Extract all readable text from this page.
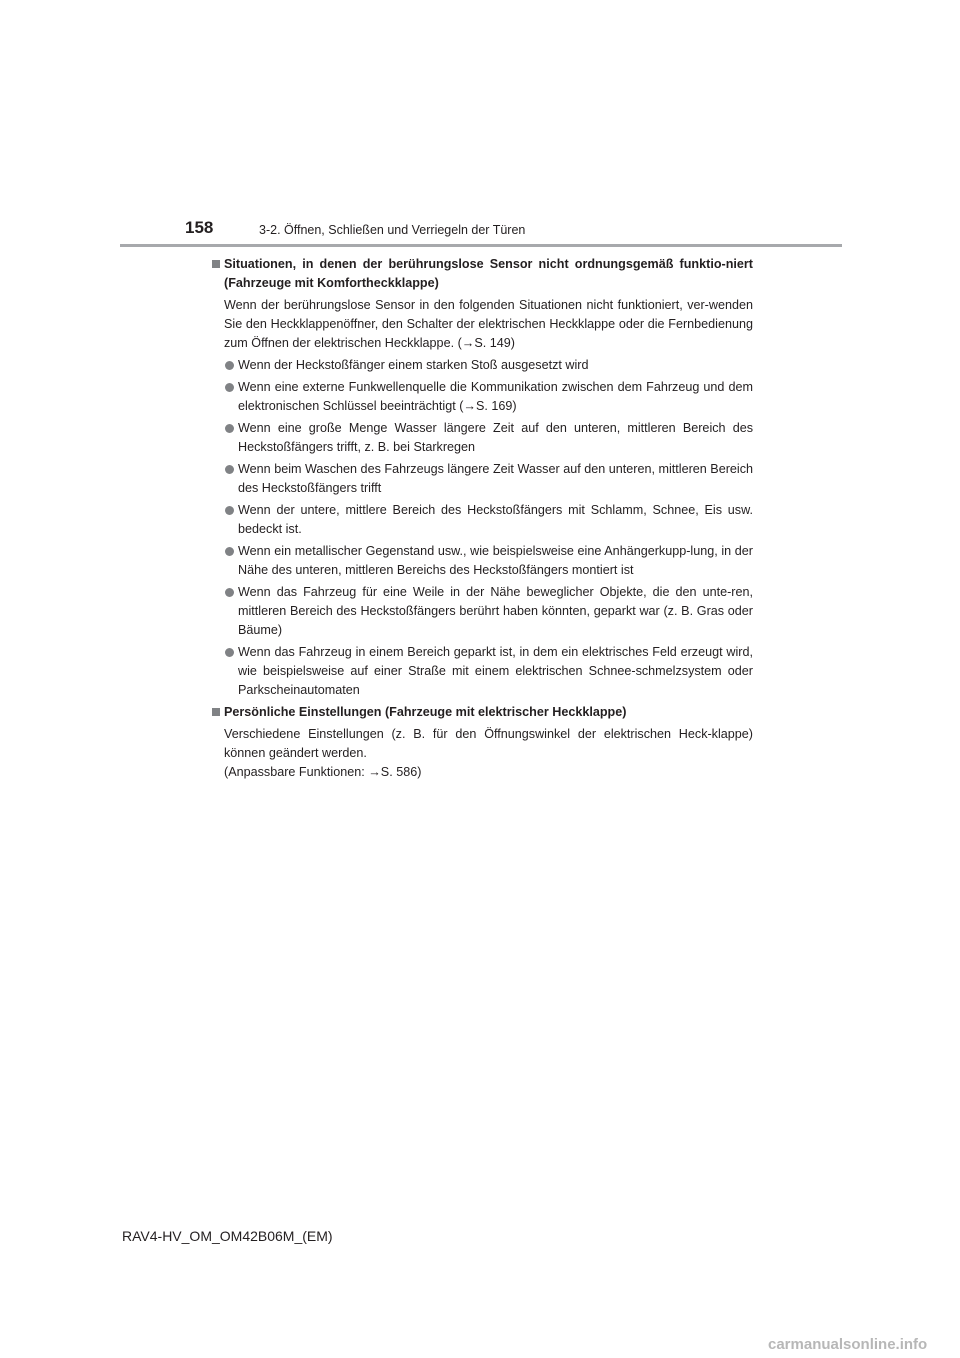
158	3-2. Öffnen, Schließen und Verriegeln der Türen
Situationen, in denen der berührungslose Sensor nicht ordnungsgemäß funktio-niert (Fahrzeuge mit Komfortheckklappe)
Wenn der berührungslose Sensor in den folgenden Situationen nicht funktioniert, ver-wenden Sie den Heckklappenöffner, den Schalter der elektrischen Heckklappe oder die Fernbedienung zum Öffnen der elektrischen Heckklappe. (→S. 149)
Wenn der Heckstoßfänger einem starken Stoß ausgesetzt wird
Wenn eine externe Funkwellenquelle die Kommunikation zwischen dem Fahrzeug und dem elektronischen Schlüssel beeinträchtigt (→S. 169)
Wenn eine große Menge Wasser längere Zeit auf den unteren, mittleren Bereich des Heckstoßfängers trifft, z. B. bei Starkregen
Wenn beim Waschen des Fahrzeugs längere Zeit Wasser auf den unteren, mittleren Bereich des Heckstoßfängers trifft
Wenn der untere, mittlere Bereich des Heckstoßfängers mit Schlamm, Schnee, Eis usw. bedeckt ist.
Wenn ein metallischer Gegenstand usw., wie beispielsweise eine Anhängerkupp-lung, in der Nähe des unteren, mittleren Bereichs des Heckstoßfängers montiert ist
Wenn das Fahrzeug für eine Weile in der Nähe beweglicher Objekte, die den unte-ren, mittleren Bereich des Heckstoßfängers berührt haben könnten, geparkt war (z. B. Gras oder Bäume)
Wenn das Fahrzeug in einem Bereich geparkt ist, in dem ein elektrisches Feld erzeugt wird, wie beispielsweise auf einer Straße mit einem elektrischen Schnee-schmelzsystem oder Parkscheinautomaten
Persönliche Einstellungen (Fahrzeuge mit elektrischer Heckklappe)
Verschiedene Einstellungen (z. B. für den Öffnungswinkel der elektrischen Heck-klappe) können geändert werden.
(Anpassbare Funktionen: →S. 586)
RAV4-HV_OM_OM42B06M_(EM)
carmanualsonline.info
